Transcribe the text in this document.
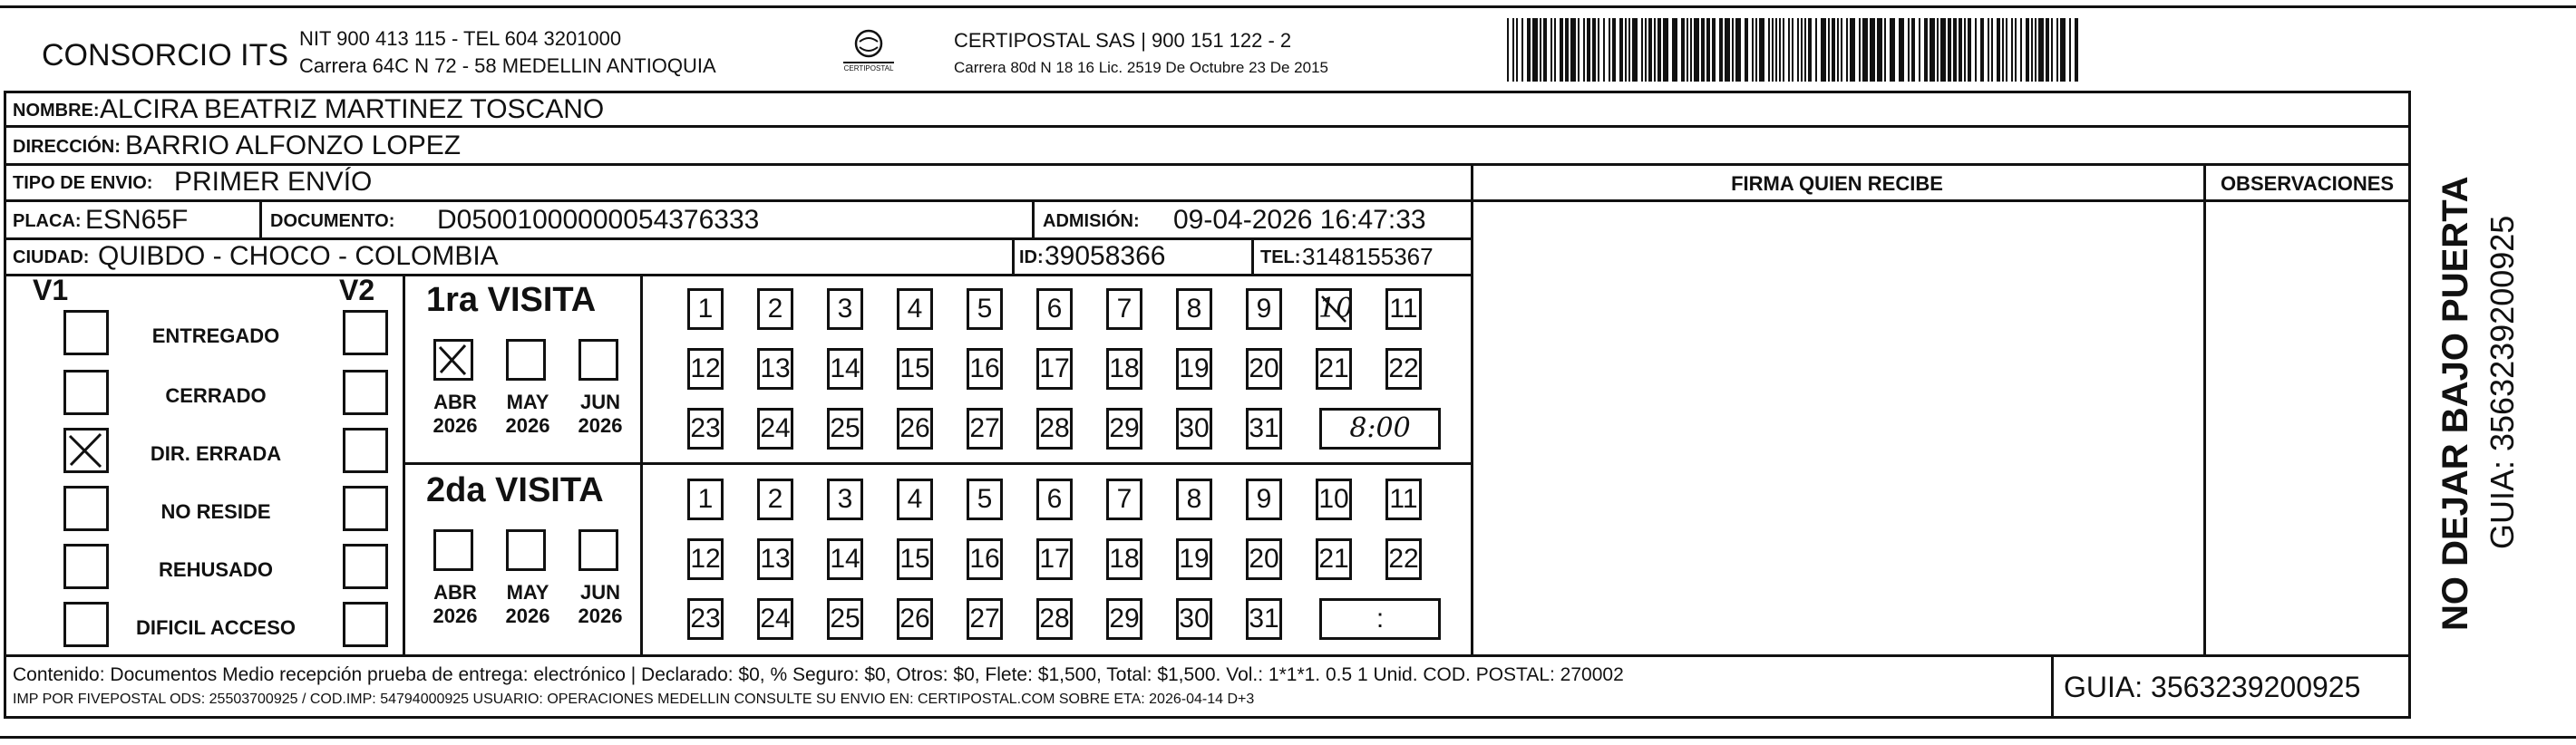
CONSORCIO ITS NIT 900 413 115 - TEL 604 3201000
Carrera 64C N 72 - 58 MEDELLIN ANTIOQUIA	CERTIPOSTAL
CERTIPOSTAL SAS | 900 151 122 - 2
Carrera 80d N 18 16 Lic. 2519 De Octubre 23 De 2015
NOMBRE: ALCIRA BEATRIZ MARTINEZ TOSCANO
DIRECCIÓN: BARRIO ALFONZO LOPEZ
TIPO DE ENVIO: PRIMER ENVÍO
PLACA: ESN65F	DOCUMENTO: D05001000000054376333	ADMISIÓN: 09-04-2026 16:47:33
CIUDAD: QUIBDO - CHOCO - COLOMBIA	ID: 39058366	TEL: 3148155367
FIRMA QUIEN RECIBE	OBSERVACIONES
V1	V2 1ra VISITA
2da VISITA
Contenido: Documentos Medio recepción prueba de entrega: electrónico | Declarado: $0, % Seguro: $0, Otros: $0, Flete: $1,500, Total: $1,500. Vol.: 1*1*1. 0.5 1 Unid. COD. POSTAL: 270002
IMP POR FIVEPOSTAL ODS: 25503700925 / COD.IMP: 54794000925 USUARIO: OPERACIONES MEDELLIN CONSULTE SU ENVIO EN: CERTIPOSTAL.COM SOBRE ETA: 2026-04-14 D+3	GUIA: 3563239200925
NO DEJAR BAJO PUERTA GUIA: 3563239200925
ENTREGADO
CERRADO
DIR. ERRADA
NO RESIDE
REHUSADO
DIFICIL ACCESO
ABR
2026
MAY
2026
JUN
2026
ABR
2026
MAY
2026
JUN
2026
1	2	3	4	5	6	7	8	9	10 11
12 13 14 15 16 17 18 19 20 21 22
23 24 25 26 27 28 29 30 31	8:00
1	2	3	4	5	6	7	8	9	10 11
12 13 14 15 16 17 18 19 20 21 22
23 24 25 26 27 28 29 30 31	:
